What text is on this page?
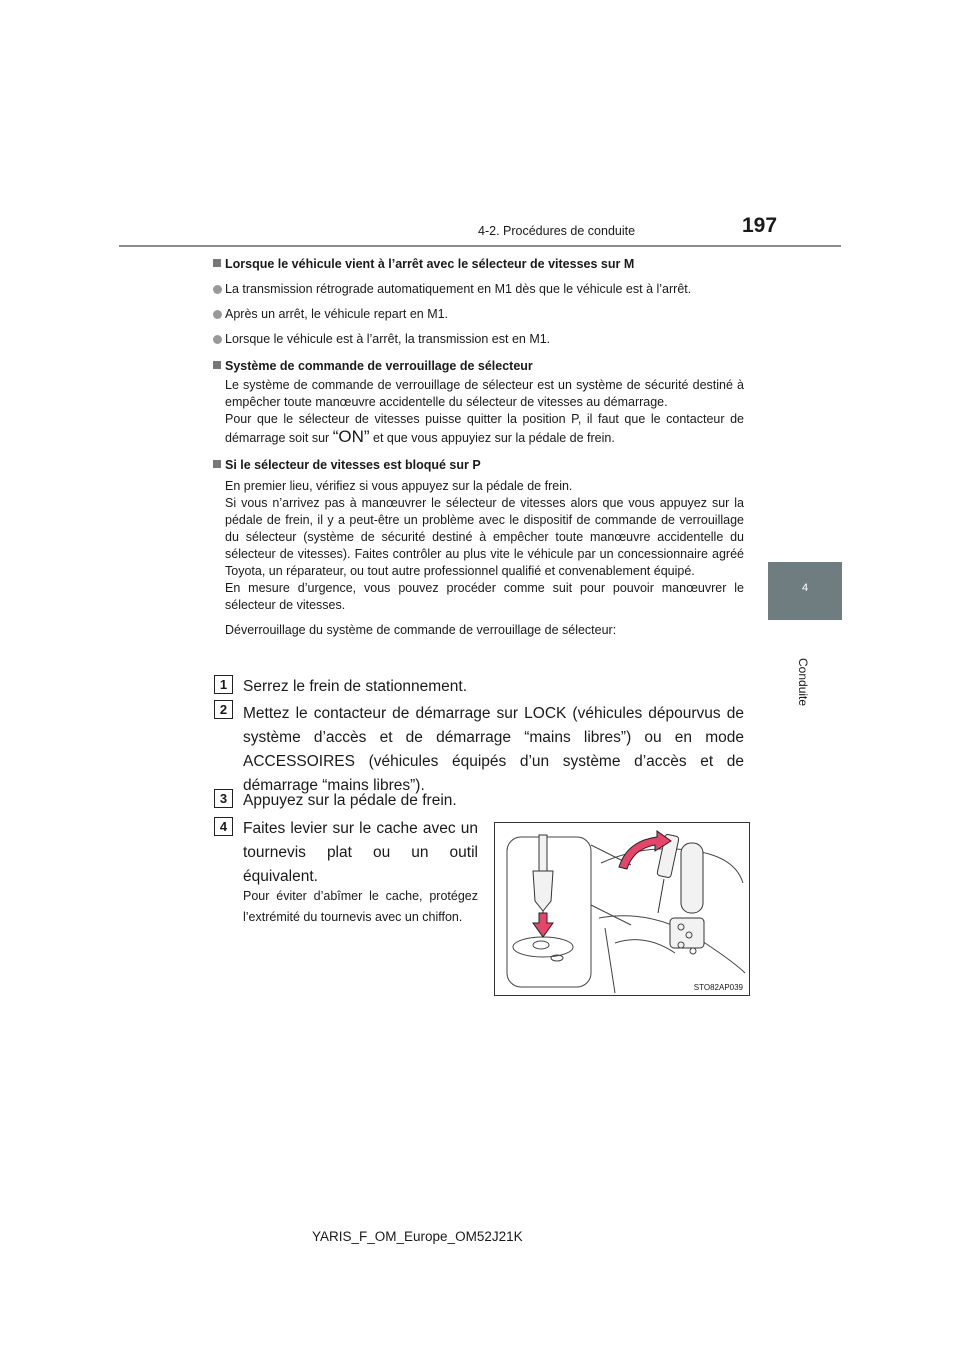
4-2. Procédures de conduite	197
4
Conduite
Lorsque le véhicule vient à l’arrêt avec le sélecteur de vitesses sur M
La transmission rétrograde automatiquement en M1 dès que le véhicule est à l’arrêt.
Après un arrêt, le véhicule repart en M1.
Lorsque le véhicule est à l’arrêt, la transmission est en M1.
Système de commande de verrouillage de sélecteur
Le système de commande de verrouillage de sélecteur est un système de sécurité destiné à empêcher toute manœuvre accidentelle du sélecteur de vitesses au démarrage.
Pour que le sélecteur de vitesses puisse quitter la position P, il faut que le contacteur de démarrage soit sur “ON” et que vous appuyiez sur la pédale de frein.
Si le sélecteur de vitesses est bloqué sur P
En premier lieu, vérifiez si vous appuyez sur la pédale de frein.
Si vous n’arrivez pas à manœuvrer le sélecteur de vitesses alors que vous appuyez sur la pédale de frein, il y a peut-être un problème avec le dispositif de commande de verrouillage du sélecteur (système de sécurité destiné à empêcher toute manœuvre accidentelle du sélecteur de vitesses). Faites contrôler au plus vite le véhicule par un concessionnaire agréé Toyota, un réparateur, ou tout autre professionnel qualifié et convenablement équipé.
En mesure d’urgence, vous pouvez procéder comme suit pour pouvoir manœuvrer le sélecteur de vitesses.
Déverrouillage du système de commande de verrouillage de sélecteur:
1	Serrez le frein de stationnement.
2	Mettez le contacteur de démarrage sur LOCK (véhicules dépourvus de système d’accès et de démarrage “mains libres”) ou en mode ACCESSOIRES (véhicules équipés d’un système d’accès et de démarrage “mains libres”).
3	Appuyez sur la pédale de frein.
4	Faites levier sur le cache avec un tournevis plat ou un outil équivalent.
Pour éviter d’abîmer le cache, protégez l’extrémité du tournevis avec un chiffon.
STO82AP039
YARIS_F_OM_Europe_OM52J21K
